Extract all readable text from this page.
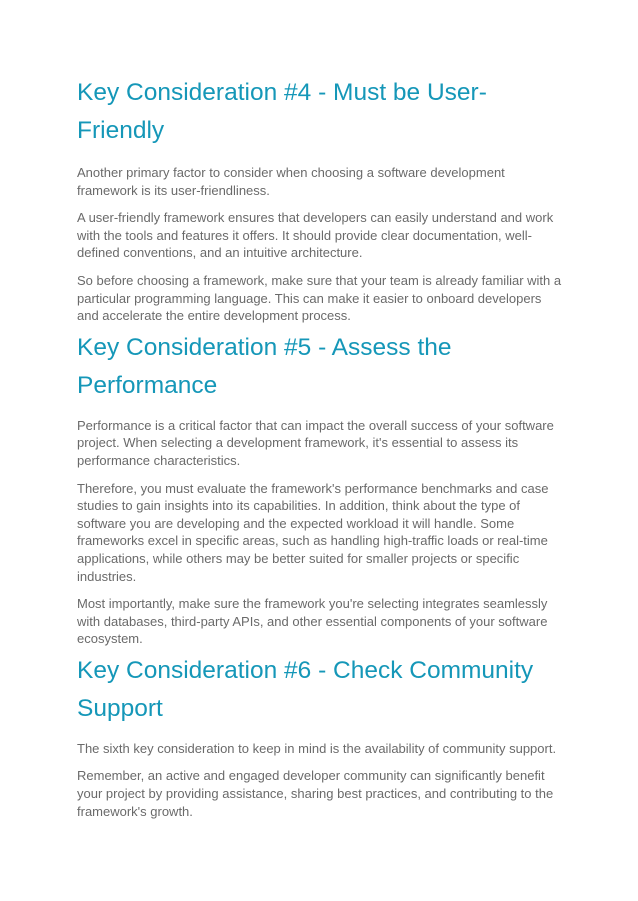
Key Consideration #4 - Must be User-Friendly

Another primary factor to consider when choosing a software development framework is its user-friendliness.

A user-friendly framework ensures that developers can easily understand and work with the tools and features it offers. It should provide clear documentation, well-defined conventions, and an intuitive architecture.

So before choosing a framework, make sure that your team is already familiar with a particular programming language. This can make it easier to onboard developers and accelerate the entire development process.

Key Consideration #5 - Assess the Performance

Performance is a critical factor that can impact the overall success of your software project. When selecting a development framework, it's essential to assess its performance characteristics.

Therefore, you must evaluate the framework's performance benchmarks and case studies to gain insights into its capabilities. In addition, think about the type of software you are developing and the expected workload it will handle. Some frameworks excel in specific areas, such as handling high-traffic loads or real-time applications, while others may be better suited for smaller projects or specific industries.

Most importantly, make sure the framework you're selecting integrates seamlessly with databases, third-party APIs, and other essential components of your software ecosystem.

Key Consideration #6 - Check Community Support

The sixth key consideration to keep in mind is the availability of community support.

Remember, an active and engaged developer community can significantly benefit your project by providing assistance, sharing best practices, and contributing to the framework's growth.
